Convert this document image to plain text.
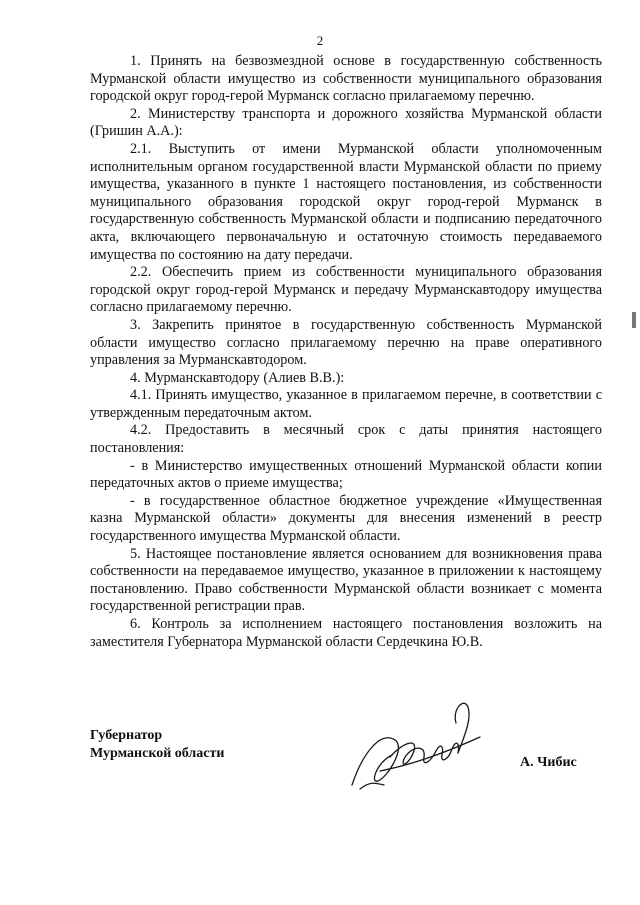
2

1. Принять на безвозмездной основе в государственную собственность Мурманской области имущество из собственности муниципального образования городской округ город-герой Мурманск согласно прилагаемому перечню.

2. Министерству транспорта и дорожного хозяйства Мурманской области (Гришин А.А.):

2.1. Выступить от имени Мурманской области уполномоченным исполнительным органом государственной власти Мурманской области по приему имущества, указанного в пункте 1 настоящего постановления, из собственности муниципального образования городской округ город-герой Мурманск в государственную собственность Мурманской области и подписанию передаточного акта, включающего первоначальную и остаточную стоимость передаваемого имущества по состоянию на дату передачи.

2.2. Обеспечить прием из собственности муниципального образования городской округ город-герой Мурманск и передачу Мурманскавтодору имущества согласно прилагаемому перечню.

3. Закрепить принятое в государственную собственность Мурманской области имущество согласно прилагаемому перечню на праве оперативного управления за Мурманскавтодором.

4. Мурманскавтодору (Алиев В.В.):

4.1. Принять имущество, указанное в прилагаемом перечне, в соответствии с утвержденным передаточным актом.

4.2. Предоставить в месячный срок с даты принятия настоящего постановления:

- в Министерство имущественных отношений Мурманской области копии передаточных актов о приеме имущества;

- в государственное областное бюджетное учреждение «Имущественная казна Мурманской области» документы для внесения изменений в реестр государственного имущества Мурманской области.

5. Настоящее постановление является основанием для возникновения права собственности на передаваемое имущество, указанное в приложении к настоящему постановлению. Право собственности Мурманской области возникает с момента государственной регистрации прав.

6. Контроль за исполнением настоящего постановления возложить на заместителя Губернатора Мурманской области Сердечкина Ю.В.

Губернатор
Мурманской области
А. Чибис
